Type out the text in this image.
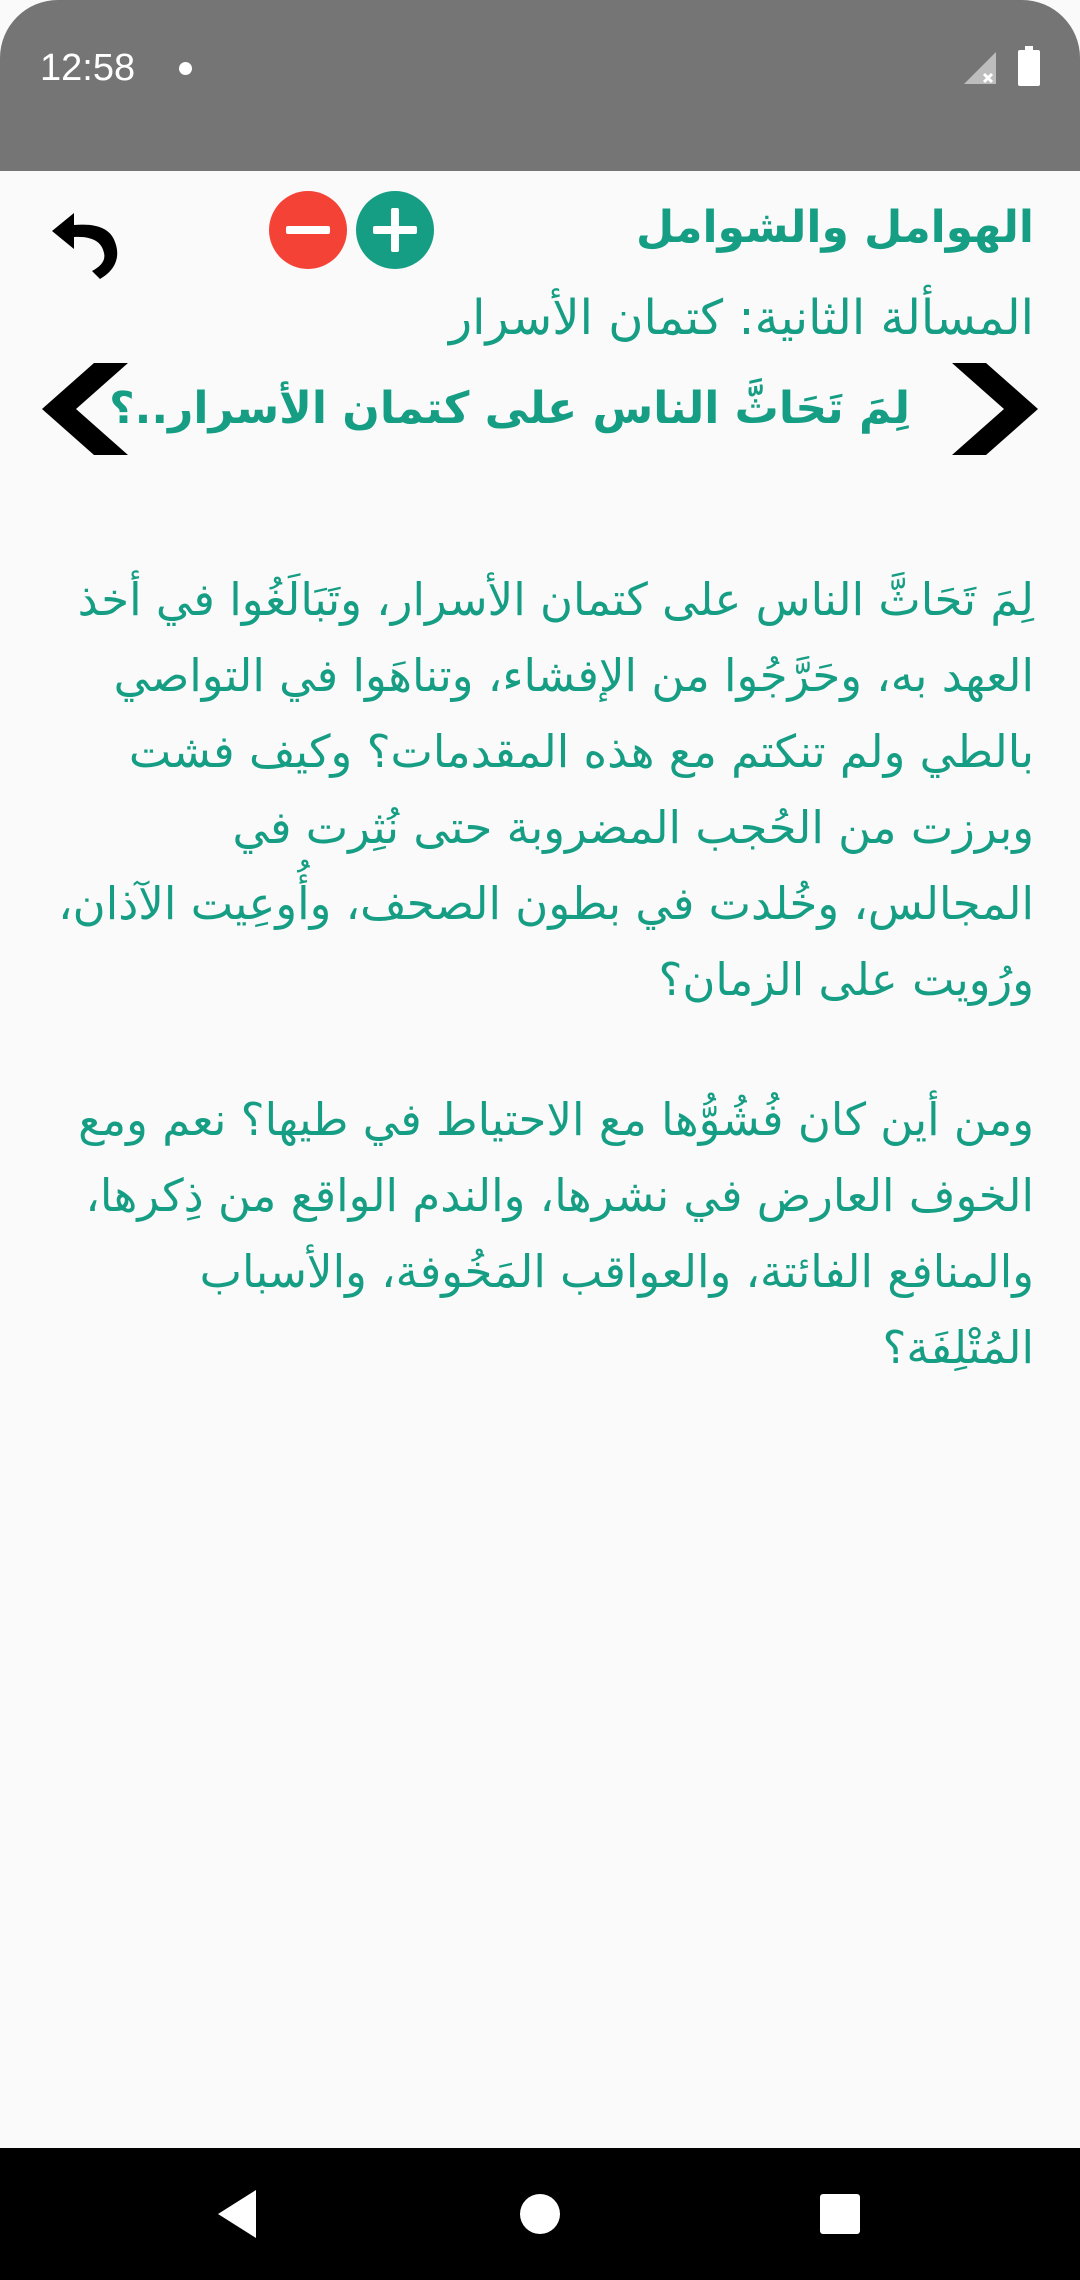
12:58
الهوامل والشوامل
المسألة الثانية: كتمان الأسرار
لِمَ تَحَاثَّ الناس على كتمان الأسرار..؟

لِمَ تَحَاثَّ الناس على كتمان الأسرار، وتَبَالَغُوا في أخذ العهد به، وحَرَّجُوا من الإفشاء، وتناهَوا في التواصي بالطي ولم تنكتم مع هذه المقدمات؟ وكيف فشت وبرزت من الحُجب المضروبة حتى نُثِرت في المجالس، وخُلدت في بطون الصحف، وأُوعِيت الآذان، ورُويت على الزمان؟

ومن أين كان فُشُوُّها مع الاحتياط في طيها؟ نعم ومع الخوف العارض في نشرها، والندم الواقع من ذِكرها، والمنافع الفائتة، والعواقب المَخُوفة، والأسباب المُتْلِفَة؟
